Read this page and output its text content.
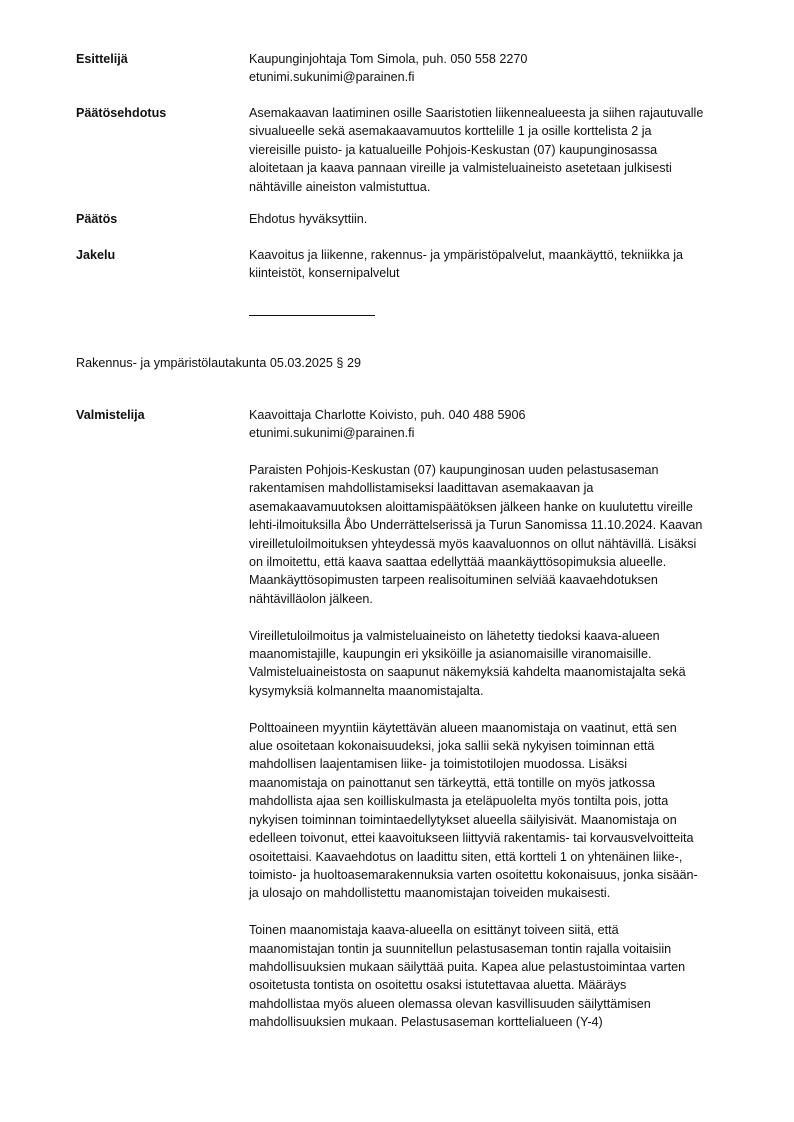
Esittelijä	Kaupunginjohtaja Tom Simola, puh. 050 558 2270
etunimi.sukunimi@parainen.fi
Päätösehdotus	Asemakaavan laatiminen osille Saaristotien liikennealueesta ja siihen rajautuvalle
sivualueelle sekä asemakaavamuutos korttelille 1 ja osille korttelista 2 ja
viereisille puisto- ja katualueille Pohjois-Keskustan (07) kaupunginosassa
aloitetaan ja kaava pannaan vireille ja valmisteluaineisto asetetaan julkisesti
nähtäville aineiston valmistuttua.
Päätös	Ehdotus hyväksyttiin.
Jakelu	Kaavoitus ja liikenne, rakennus- ja ympäristöpalvelut, maankäyttö, tekniikka ja
kiinteistöt, konsernipalvelut
Rakennus- ja ympäristölautakunta 05.03.2025 § 29
Valmistelija	Kaavoittaja Charlotte Koivisto, puh. 040 488 5906
etunimi.sukunimi@parainen.fi

Paraisten Pohjois-Keskustan (07) kaupunginosan uuden pelastusaseman
rakentamisen mahdollistamiseksi laadittavan asemakaavan ja
asemakaavamuutoksen aloittamispäätöksen jälkeen hanke on kuulutettu vireille
lehti-ilmoituksilla Åbo Underrättelserissä ja Turun Sanomissa 11.10.2024. Kaavan
vireilletuloilmoituksen yhteydessä myös kaavaluonnos on ollut nähtävillä. Lisäksi
on ilmoitettu, että kaava saattaa edellyttää maankäyttösopimuksia alueelle.
Maankäyttösopimusten tarpeen realisoituminen selviää kaavaehdotuksen
nähtävilläolon jälkeen.

Vireilletuloilmoitus ja valmisteluaineisto on lähetetty tiedoksi kaava-alueen
maanomistajille, kaupungin eri yksiköille ja asianomaisille viranomaisille.
Valmisteluaineistosta on saapunut näkemyksiä kahdelta maanomistajalta sekä
kysymyksiä kolmannelta maanomistajalta.

Polttoaineen myyntiin käytettävän alueen maanomistaja on vaatinut, että sen
alue osoitetaan kokonaisuudeksi, joka sallii sekä nykyisen toiminnan että
mahdollisen laajentamisen liike- ja toimistotilojen muodossa. Lisäksi
maanomistaja on painottanut sen tärkeyttä, että tontille on myös jatkossa
mahdollista ajaa sen koilliskulmasta ja eteläpuolelta myös tontilta pois, jotta
nykyisen toiminnan toimintaedellytykset alueella säilyisivät. Maanomistaja on
edelleen toivonut, ettei kaavoitukseen liittyviä rakentamis- tai korvausvelvoitteita
osoitettaisi. Kaavaehdotus on laadittu siten, että kortteli 1 on yhtenäinen liike-,
toimisto- ja huoltoasemarakennuksia varten osoitettu kokonaisuus, jonka sisään-
ja ulosajo on mahdollistettu maanomistajan toiveiden mukaisesti.

Toinen maanomistaja kaava-alueella on esittänyt toiveen siitä, että
maanomistajan tontin ja suunnitellun pelastusaseman tontin rajalla voitaisiin
mahdollisuuksien mukaan säilyttää puita. Kapea alue pelastustoimintaa varten
osoitetusta tontista on osoitettu osaksi istutettavaa aluetta. Määräys
mahdollistaa myös alueen olemassa olevan kasvillisuuden säilyttämisen
mahdollisuuksien mukaan. Pelastusaseman korttelialueen (Y-4)
